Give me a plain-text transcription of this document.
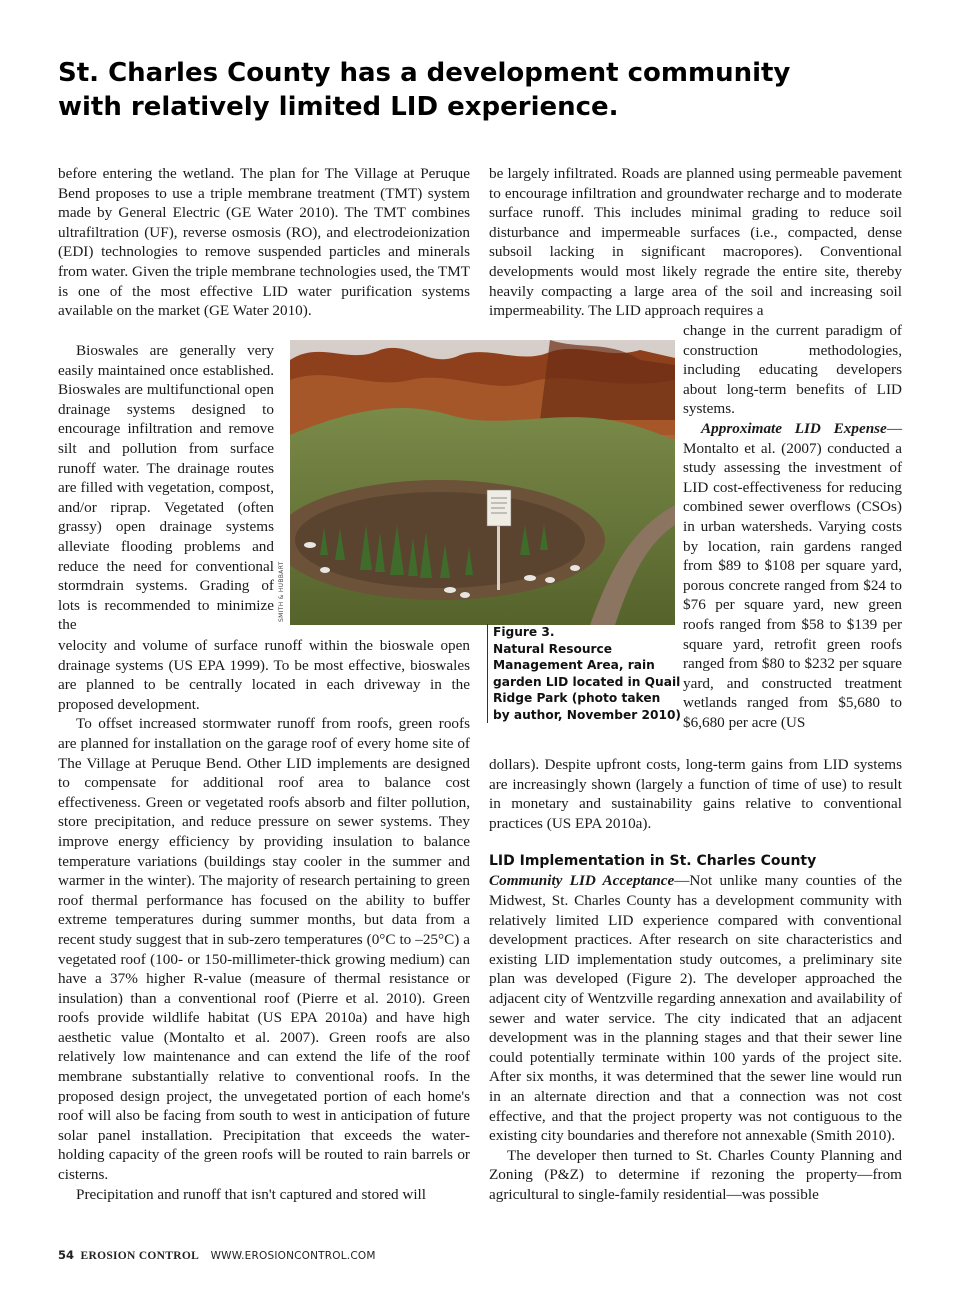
St. Charles County has a development community
with relatively limited LID experience.

before entering the wetland. The plan for The Village at Peruque Bend proposes to use a triple membrane treatment (TMT) system made by General Electric (GE Water 2010). The TMT combines ultrafiltration (UF), reverse osmosis (RO), and electrodeionization (EDI) technologies to remove suspended particles and minerals from water. Given the triple membrane technologies used, the TMT is one of the most effective LID water purification systems available on the market (GE Water 2010).

Bioswales are generally very easily maintained once established. Bioswales are multifunctional open drainage systems designed to encourage infiltration and remove silt and pollution from surface runoff water. The drainage routes are filled with vegetation, compost, and/or riprap. Vegetated (often grassy) open drainage systems alleviate flooding problems and reduce the need for conventional stormdrain systems. Grading of lots is recommended to minimize the

velocity and volume of surface runoff within the bioswale open drainage systems (US EPA 1999). To be most effective, bioswales are planned to be centrally located in each driveway in the proposed development.

To offset increased stormwater runoff from roofs, green roofs are planned for installation on the garage roof of every home site of The Village at Peruque Bend. Other LID implements are designed to compensate for additional roof area to balance cost effectiveness. Green or vegetated roofs absorb and filter pollution, store precipitation, and reduce pressure on sewer systems. They improve energy efficiency by providing insulation to balance temperature variations (buildings stay cooler in the summer and warmer in the winter). The majority of research pertaining to green roof thermal performance has focused on the ability to buffer extreme temperatures during summer months, but data from a recent study suggest that in sub-zero temperatures (0°C to –25°C) a vegetated roof (100- or 150-millimeter-thick growing medium) can have a 37% higher R-value (measure of thermal resistance or insulation) than a conventional roof (Pierre et al. 2010). Green roofs provide wildlife habitat (US EPA 2010a) and have high aesthetic value (Montalto et al. 2007). Green roofs are also relatively low maintenance and can extend the life of the roof membrane substantially relative to conventional roofs. In the proposed design project, the unvegetated portion of each home's roof will also be facing from south to west in anticipation of future solar panel installation. Precipitation that exceeds the water-holding capacity of the green roofs will be routed to rain barrels or cisterns.

Precipitation and runoff that isn't captured and stored will

SMITH & HUBBART
Figure 3.
Natural Resource Management Area, rain garden LID located in Quail Ridge Park (photo taken by author, November 2010)

be largely infiltrated. Roads are planned using permeable pavement to encourage infiltration and groundwater recharge and to moderate surface runoff. This includes minimal grading to reduce soil disturbance and impermeable surfaces (i.e., compacted, dense subsoil lacking in significant macropores). Conventional developments would most likely regrade the entire site, thereby heavily compacting a large area of the soil and increasing soil impermeability. The LID approach requires a

change in the current paradigm of construction methodologies, including educating developers about long-term benefits of LID systems.

Approximate LID Expense—Montalto et al. (2007) conducted a study assessing the investment of LID cost-effectiveness for reducing combined sewer overflows (CSOs) in urban watersheds. Varying costs by location, rain gardens ranged from $89 to $108 per square yard, porous concrete ranged from $24 to $76 per square yard, new green roofs ranged from $58 to $139 per square yard, retrofit green roofs ranged from $80 to $232 per square yard, and constructed treatment wetlands ranged from $5,680 to $6,680 per acre (US

dollars). Despite upfront costs, long-term gains from LID systems are increasingly shown (largely a function of time of use) to result in monetary and sustainability gains relative to conventional practices (US EPA 2010a).

LID Implementation in St. Charles County

Community LID Acceptance—Not unlike many counties of the Midwest, St. Charles County has a development community with relatively limited LID experience compared with conventional development practices. After research on site characteristics and existing LID implementation study outcomes, a preliminary site plan was developed (Figure 2). The developer approached the adjacent city of Wentzville regarding annexation and availability of sewer and water service. The city indicated that an adjacent development was in the planning stages and that their sewer line could potentially terminate within 100 yards of the project site. After six months, it was determined that the sewer line would run in an alternate direction and that a connection was not cost effective, and that the project property was not contiguous to the existing city boundaries and therefore not annexable (Smith 2010).

The developer then turned to St. Charles County Planning and Zoning (P&Z) to determine if rezoning the property—from agricultural to single-family residential—was possible

54 EROSION CONTROL WWW.EROSIONCONTROL.COM
